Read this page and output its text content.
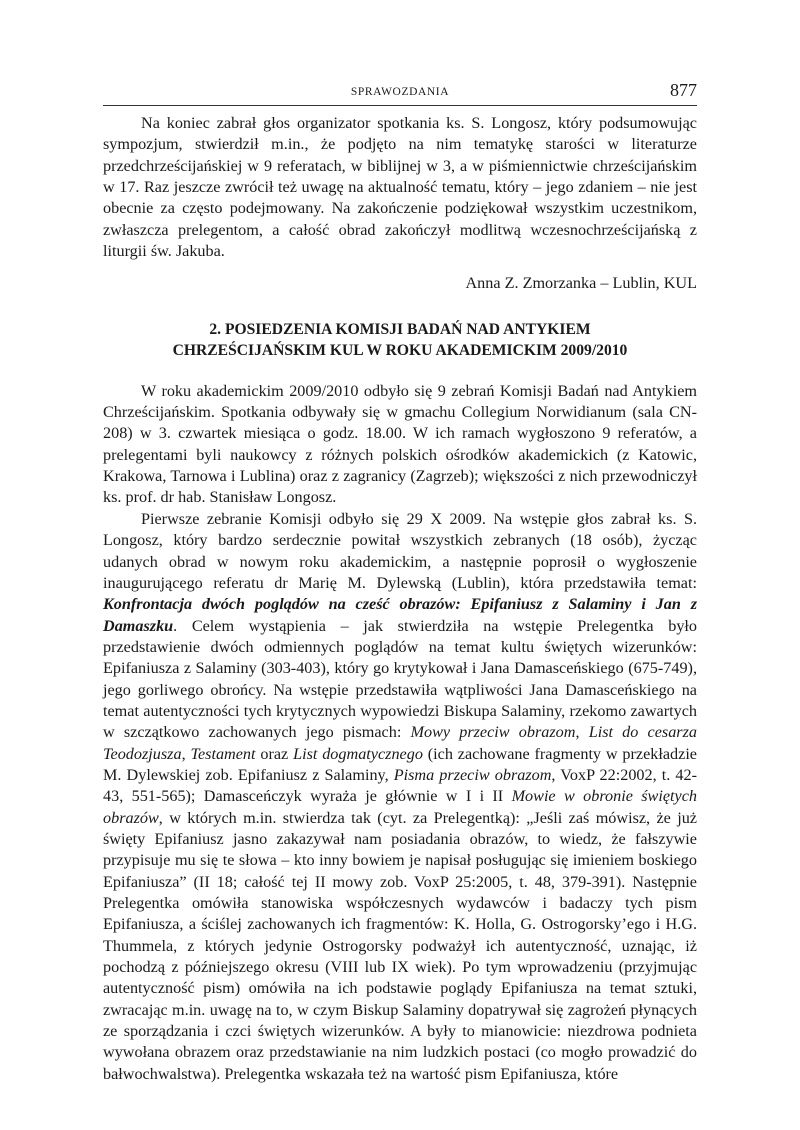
SPRAWOZDANIA	877

Na koniec zabrał głos organizator spotkania ks. S. Longosz, który podsumowując sympozjum, stwierdził m.in., że podjęto na nim tematykę starości w literaturze przedchrześcijańskiej w 9 referatach, w biblijnej w 3, a w piśmiennictwie chrześcijańskim w 17. Raz jeszcze zwrócił też uwagę na aktualność tematu, który – jego zdaniem – nie jest obecnie za często podejmowany. Na zakończenie podziękował wszystkim uczestnikom, zwłaszcza prelegentom, a całość obrad zakończył modlitwą wczesnochrześcijańską z liturgii św. Jakuba.

Anna Z. Zmorzanka – Lublin, KUL

2. POSIEDZENIA KOMISJI BADAŃ NAD ANTYKIEM
CHRZEŚCIJAŃSKIM KUL W ROKU AKADEMICKIM 2009/2010

W roku akademickim 2009/2010 odbyło się 9 zebrań Komisji Badań nad Antykiem Chrześcijańskim. Spotkania odbywały się w gmachu Collegium Norwidianum (sala CN-208) w 3. czwartek miesiąca o godz. 18.00. W ich ramach wygłoszono 9 referatów, a prelegentami byli naukowcy z różnych polskich ośrodków akademickich (z Katowic, Krakowa, Tarnowa i Lublina) oraz z zagranicy (Zagrzeb); większości z nich przewodniczył ks. prof. dr hab. Stanisław Longosz.

Pierwsze zebranie Komisji odbyło się 29 X 2009. Na wstępie głos zabrał ks. S. Longosz, który bardzo serdecznie powitał wszystkich zebranych (18 osób), życząc udanych obrad w nowym roku akademickim, a następnie poprosił o wygłoszenie inaugurującego referatu dr Marię M. Dylewską (Lublin), która przedstawiła temat: Konfrontacja dwóch poglądów na cześć obrazów: Epifaniusz z Salaminy i Jan z Damaszku. Celem wystąpienia – jak stwierdziła na wstępie Prelegentka było przedstawienie dwóch odmiennych poglądów na temat kultu świętych wizerunków: Epifaniusza z Salaminy (303-403), który go krytykował i Jana Damasceńskiego (675-749), jego gorliwego obrońcy. Na wstępie przedstawiła wątpliwości Jana Damasceńskiego na temat autentyczności tych krytycznych wypowiedzi Biskupa Salaminy, rzekomo zawartych w szczątkowo zachowanych jego pismach: Mowy przeciw obrazom, List do cesarza Teodozjusza, Testament oraz List dogmatycznego (ich zachowane fragmenty w przekładzie M. Dylewskiej zob. Epifaniusz z Salaminy, Pisma przeciw obrazom, VoxP 22:2002, t. 42-43, 551-565); Damasceńczyk wyraża je głównie w I i II Mowie w obronie świętych obrazów, w których m.in. stwierdza tak (cyt. za Prelegentką): „Jeśli zaś mówisz, że już święty Epifaniusz jasno zakazywał nam posiadania obrazów, to wiedz, że fałszywie przypisuje mu się te słowa – kto inny bowiem je napisał posługując się imieniem boskiego Epifaniusza” (II 18; całość tej II mowy zob. VoxP 25:2005, t. 48, 379-391). Następnie Prelegentka omówiła stanowiska współczesnych wydawców i badaczy tych pism Epifaniusza, a ściślej zachowanych ich fragmentów: K. Holla, G. Ostrogorsky’ego i H.G. Thummela, z których jedynie Ostrogorsky podważył ich autentyczność, uznając, iż pochodzą z późniejszego okresu (VIII lub IX wiek). Po tym wprowadzeniu (przyjmując autentyczność pism) omówiła na ich podstawie poglądy Epifaniusza na temat sztuki, zwracając m.in. uwagę na to, w czym Biskup Salaminy dopatrywał się zagrożeń płynących ze sporządzania i czci świętych wizerunków. A były to mianowicie: niezdrowa podnieta wywołana obrazem oraz przedstawianie na nim ludzkich postaci (co mogło prowadzić do bałwochwalstwa). Prelegentka wskazała też na wartość pism Epifaniusza, które
